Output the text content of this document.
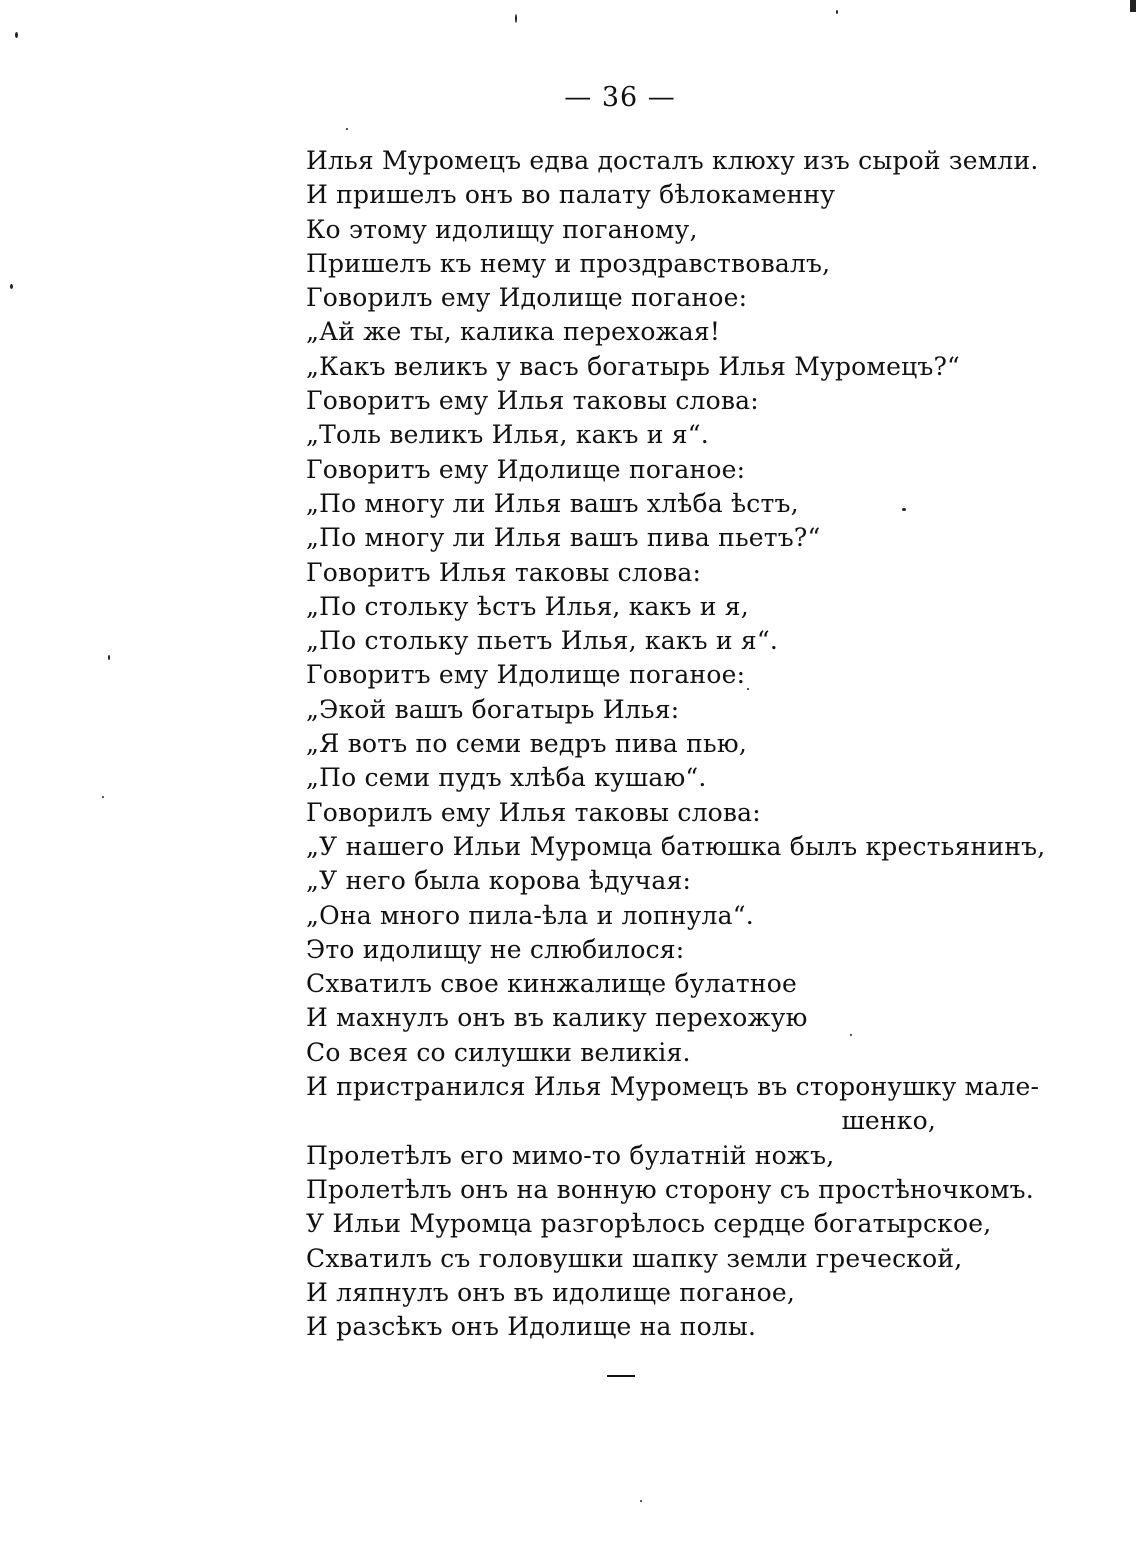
— 36 —
Илья Муромецъ едва досталъ клюху изъ сырой земли.
И пришелъ онъ во палату бѣлокаменну
Ко этому идолищу поганому,
Пришелъ къ нему и проздравствовалъ,
Говорилъ ему Идолище поганое:
„Ай же ты, калика перехожая!
„Какъ великъ у васъ богатырь Илья Муромецъ?“
Говоритъ ему Илья таковы слова:
„Толь великъ Илья, какъ и я“.
Говоритъ ему Идолище поганое:
„По многу ли Илья вашъ хлѣба ѣстъ,
„По многу ли Илья вашъ пива пьетъ?“
Говоритъ Илья таковы слова:
„По стольку ѣстъ Илья, какъ и я,
„По стольку пьетъ Илья, какъ и я“.
Говоритъ ему Идолище поганое:
„Экой вашъ богатырь Илья:
„Я вотъ по семи ведръ пива пью,
„По семи пудъ хлѣба кушаю“.
Говорилъ ему Илья таковы слова:
„У нашего Ильи Муромца батюшка былъ крестьянинъ,
„У него была корова ѣдучая:
„Она много пила-ѣла и лопнула“.
Это идолищу не слюбилося:
Схватилъ свое кинжалище булатное
И махнулъ онъ въ калику перехожую
Со всея со силушки великія.
И пристранился Илья Муромецъ въ сторонушку мале-
шенко,
Пролетѣлъ его мимо-то булатній ножъ,
Пролетѣлъ онъ на вонную сторону съ простѣночкомъ.
У Ильи Муромца разгорѣлось сердце богатырское,
Схватилъ съ головушки шапку земли греческой,
И ляпнулъ онъ въ идолище поганое,
И разсѣкъ онъ Идолище на полы.
